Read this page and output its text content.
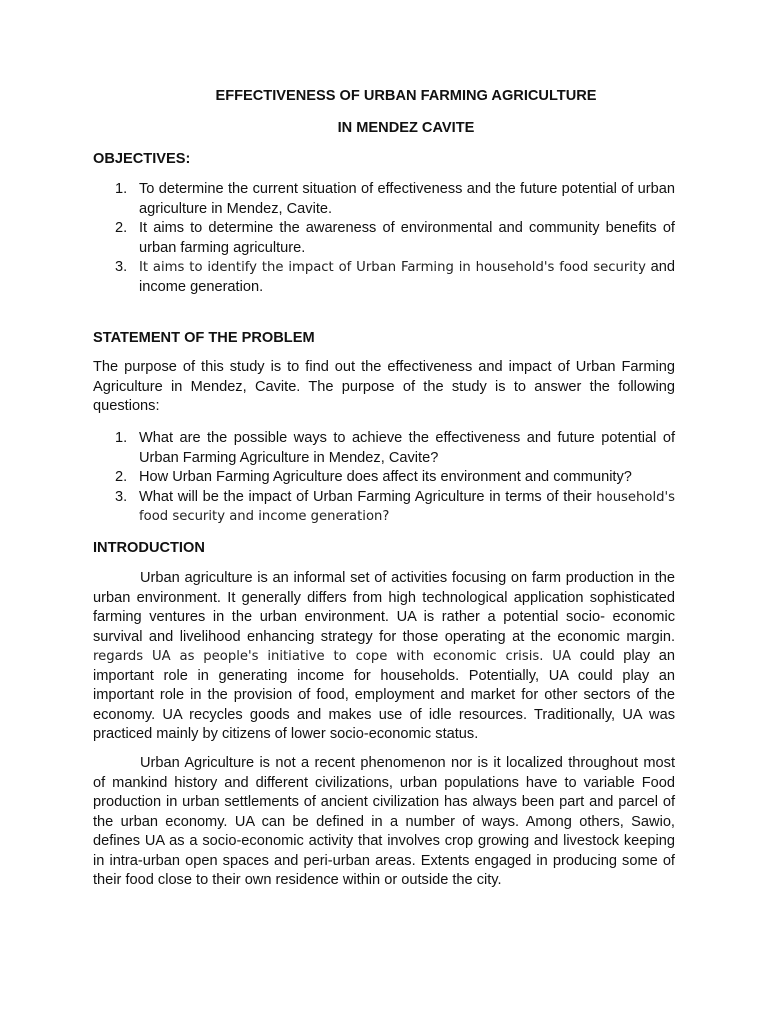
EFFECTIVENESS OF URBAN FARMING AGRICULTURE

IN MENDEZ CAVITE

OBJECTIVES:

1. To determine the current situation of effectiveness and the future potential of urban agriculture in Mendez, Cavite.
2. It aims to determine the awareness of environmental and community benefits of urban farming agriculture.
3. It aims to identify the impact of Urban Farming in household's food security and income generation.

STATEMENT OF THE PROBLEM

The purpose of this study is to find out the effectiveness and impact of Urban Farming Agriculture in Mendez, Cavite. The purpose of the study is to answer the following questions:

1. What are the possible ways to achieve the effectiveness and future potential of Urban Farming Agriculture in Mendez, Cavite?
2. How Urban Farming Agriculture does affect its environment and community?
3. What will be the impact of Urban Farming Agriculture in terms of their household's food security and income generation?

INTRODUCTION

Urban agriculture is an informal set of activities focusing on farm production in the urban environment. It generally differs from high technological application sophisticated farming ventures in the urban environment. UA is rather a potential socio- economic survival and livelihood enhancing strategy for those operating at the economic margin. regards UA as people's initiative to cope with economic crisis. UA could play an important role in generating income for households. Potentially, UA could play an important role in the provision of food, employment and market for other sectors of the economy. UA recycles goods and makes use of idle resources. Traditionally, UA was practiced mainly by citizens of lower socio-economic status.

Urban Agriculture is not a recent phenomenon nor is it localized throughout most of mankind history and different civilizations, urban populations have to variable Food production in urban settlements of ancient civilization has always been part and parcel of the urban economy. UA can be defined in a number of ways. Among others, Sawio, defines UA as a socio-economic activity that involves crop growing and livestock keeping in intra-urban open spaces and peri-urban areas. Extents engaged in producing some of their food close to their own residence within or outside the city.
